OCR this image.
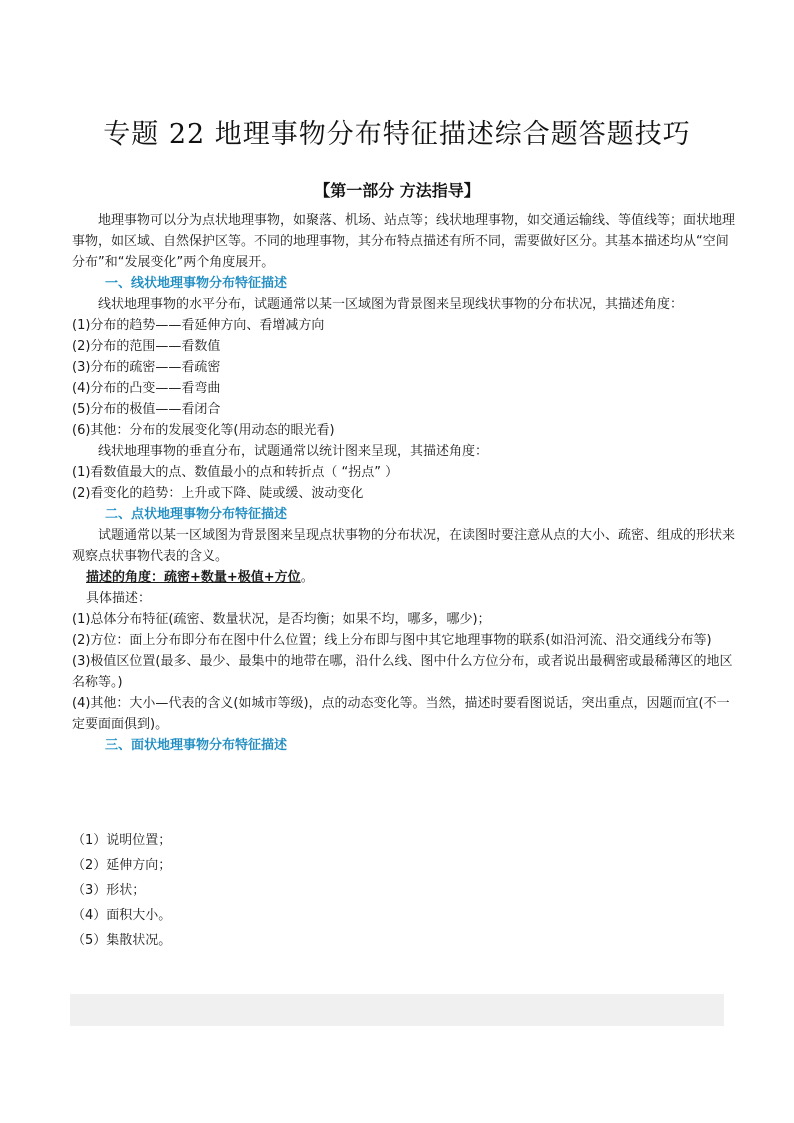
专题 22 地理事物分布特征描述综合题答题技巧
【第一部分 方法指导】

地理事物可以分为点状地理事物，如聚落、机场、站点等；线状地理事物，如交通运输线、等值线等；面状地理事物，如区域、自然保护区等。不同的地理事物，其分布特点描述有所不同，需要做好区分。其基本描述均从“空间分布”和“发展变化”两个角度展开。

一、线状地理事物分布特征描述

线状地理事物的水平分布，试题通常以某一区域图为背景图来呈现线状事物的分布状况，其描述角度：

(1)分布的趋势——看延伸方向、看增减方向

(2)分布的范围——看数值

(3)分布的疏密——看疏密

(4)分布的凸变——看弯曲

(5)分布的极值——看闭合

(6)其他：分布的发展变化等(用动态的眼光看)

线状地理事物的垂直分布，试题通常以统计图来呈现，其描述角度：

(1)看数值最大的点、数值最小的点和转折点（ “拐点” ）

(2)看变化的趋势：上升或下降、陡或缓、波动变化

二、点状地理事物分布特征描述

试题通常以某一区域图为背景图来呈现点状事物的分布状况，在读图时要注意从点的大小、疏密、组成的形状来观察点状事物代表的含义。

描述的角度：疏密+数量+极值+方位。

具体描述：

(1)总体分布特征(疏密、数量状况，是否均衡；如果不均，哪多，哪少)；

(2)方位：面上分布即分布在图中什么位置；线上分布即与图中其它地理事物的联系(如沿河流、沿交通线分布等)

(3)极值区位置(最多、最少、最集中的地带在哪，沿什么线、图中什么方位分布，或者说出最稠密或最稀薄区的地区名称等。)

(4)其他：大小—代表的含义(如城市等级)，点的动态变化等。当然，描述时要看图说话，突出重点，因题而宜(不一定要面面俱到)。

三、面状地理事物分布特征描述

（1）说明位置；
（2）延伸方向；
（3）形状；
（4）面积大小。
（5）集散状况。
